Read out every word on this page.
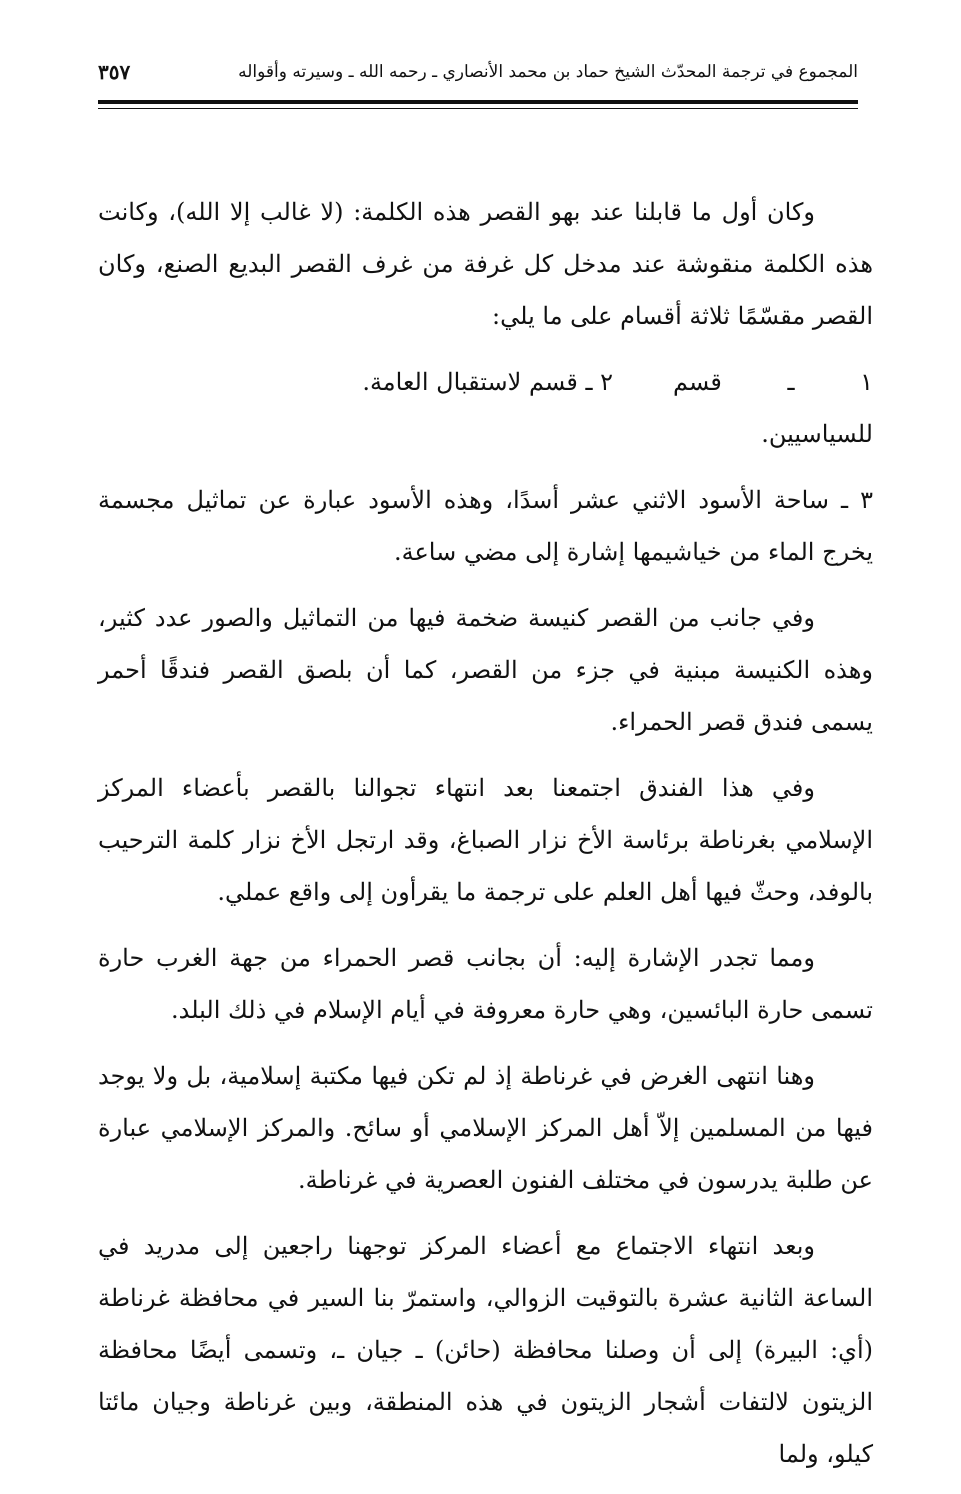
المجموع في ترجمة المحدّث الشيخ حماد بن محمد الأنصاري ـ رحمه الله ـ وسيرته وأقواله
٣٥٧

وكان أول ما قابلنا عند بهو القصر هذه الكلمة: (لا غالب إلا الله)، وكانت هذه الكلمة منقوشة عند مدخل كل غرفة من غرف القصر البديع الصنع، وكان القصر مقسّمًا ثلاثة أقسام على ما يلي:

١ ـ قسم للسياسيين.
٢ ـ قسم لاستقبال العامة.

٣ ـ ساحة الأسود الاثني عشر أسدًا، وهذه الأسود عبارة عن تماثيل مجسمة يخرج الماء من خياشيمها إشارة إلى مضي ساعة.

وفي جانب من القصر كنيسة ضخمة فيها من التماثيل والصور عدد كثير، وهذه الكنيسة مبنية في جزء من القصر، كما أن بلصق القصر فندقًا أحمر يسمى فندق قصر الحمراء.

وفي هذا الفندق اجتمعنا بعد انتهاء تجوالنا بالقصر بأعضاء المركز الإسلامي بغرناطة برئاسة الأخ نزار الصباغ، وقد ارتجل الأخ نزار كلمة الترحيب بالوفد، وحثّ فيها أهل العلم على ترجمة ما يقرأون إلى واقع عملي.

ومما تجدر الإشارة إليه: أن بجانب قصر الحمراء من جهة الغرب حارة تسمى حارة البائسين، وهي حارة معروفة في أيام الإسلام في ذلك البلد.

وهنا انتهى الغرض في غرناطة إذ لم تكن فيها مكتبة إسلامية، بل ولا يوجد فيها من المسلمين إلاّ أهل المركز الإسلامي أو سائح. والمركز الإسلامي عبارة عن طلبة يدرسون في مختلف الفنون العصرية في غرناطة.

وبعد انتهاء الاجتماع مع أعضاء المركز توجهنا راجعين إلى مدريد في الساعة الثانية عشرة بالتوقيت الزوالي، واستمرّ بنا السير في محافظة غرناطة (أي: البيرة) إلى أن وصلنا محافظة (حائن) ـ جيان ـ، وتسمى أيضًا محافظة الزيتون لالتفات أشجار الزيتون في هذه المنطقة، وبين غرناطة وجيان مائتا كيلو، ولما
